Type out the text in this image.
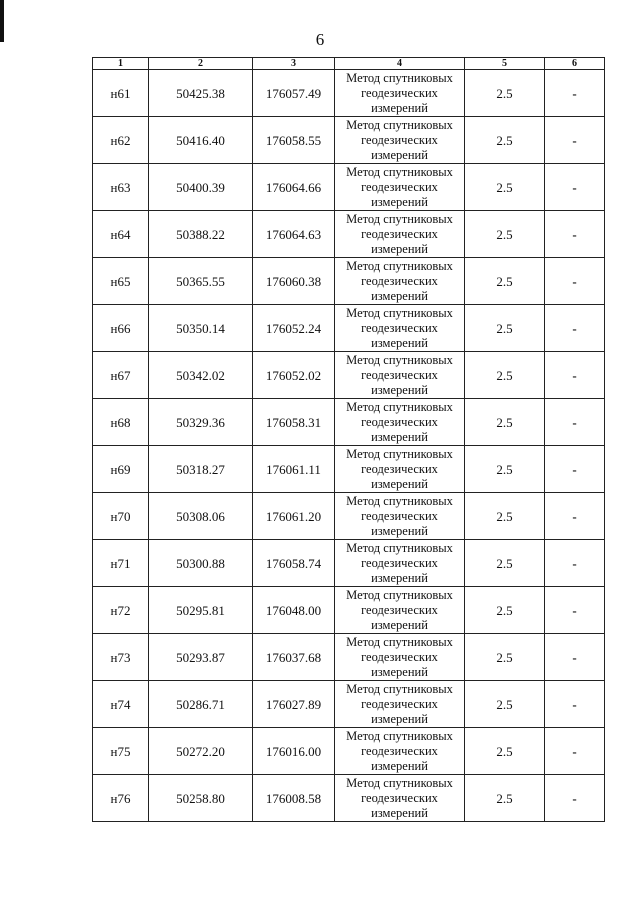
6
1	2	3	4	5	6
н61	50425.38	176057.49	Метод спутниковых геодезических измерений	2.5	-
н62	50416.40	176058.55	Метод спутниковых геодезических измерений	2.5	-
н63	50400.39	176064.66	Метод спутниковых геодезических измерений	2.5	-
н64	50388.22	176064.63	Метод спутниковых геодезических измерений	2.5	-
н65	50365.55	176060.38	Метод спутниковых геодезических измерений	2.5	-
н66	50350.14	176052.24	Метод спутниковых геодезических измерений	2.5	-
н67	50342.02	176052.02	Метод спутниковых геодезических измерений	2.5	-
н68	50329.36	176058.31	Метод спутниковых геодезических измерений	2.5	-
н69	50318.27	176061.11	Метод спутниковых геодезических измерений	2.5	-
н70	50308.06	176061.20	Метод спутниковых геодезических измерений	2.5	-
н71	50300.88	176058.74	Метод спутниковых геодезических измерений	2.5	-
н72	50295.81	176048.00	Метод спутниковых геодезических измерений	2.5	-
н73	50293.87	176037.68	Метод спутниковых геодезических измерений	2.5	-
н74	50286.71	176027.89	Метод спутниковых геодезических измерений	2.5	-
н75	50272.20	176016.00	Метод спутниковых геодезических измерений	2.5	-
н76	50258.80	176008.58	Метод спутниковых геодезических измерений	2.5	-
